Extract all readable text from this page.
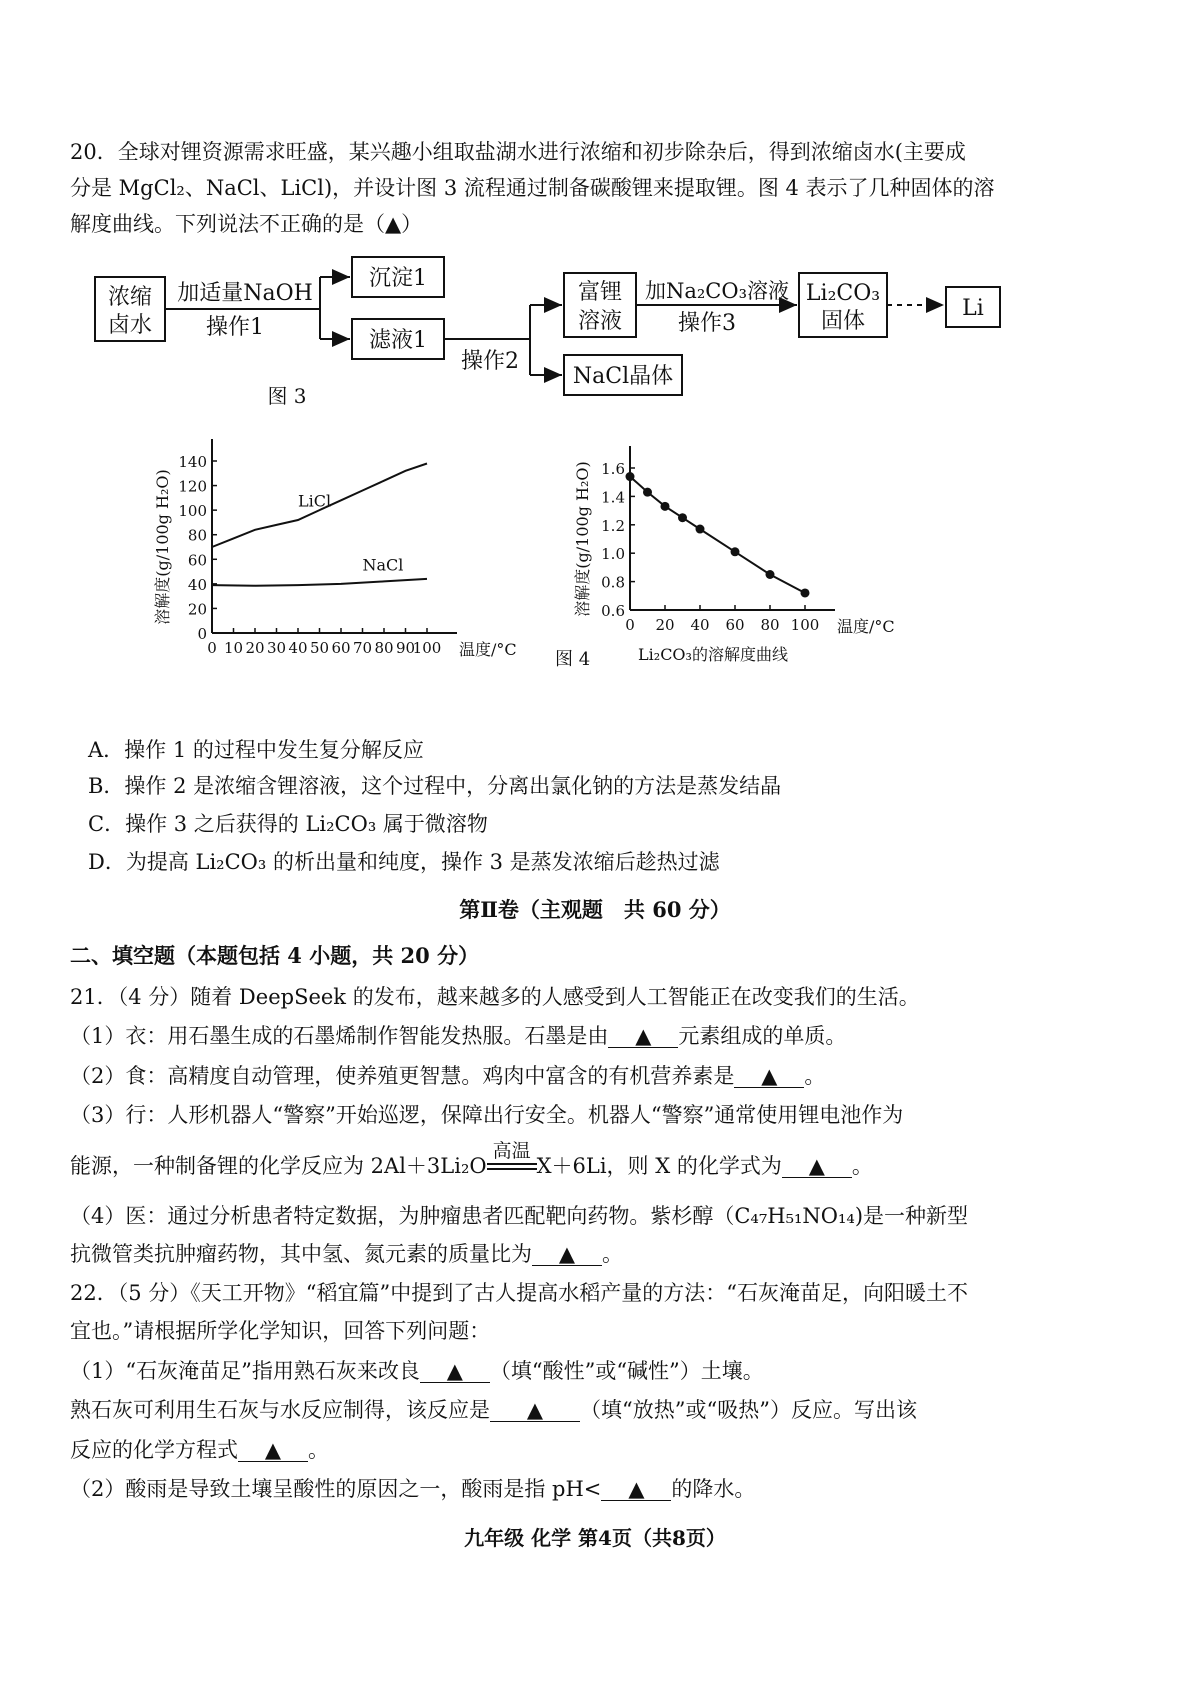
20．全球对锂资源需求旺盛，某兴趣小组取盐湖水进行浓缩和初步除杂后，得到浓缩卤水(主要成
分是 MgCl₂、NaCl、LiCl)，并设计图 3 流程通过制备碳酸锂来提取锂。图 4 表示了几种固体的溶
解度曲线。下列说法不正确的是（▲）
浓缩
卤水
加适量NaOH
操作1
沉淀1
滤液1
操作2
富锂
溶液
NaCl晶体
加Na₂CO₃溶液
操作3
Li₂CO₃
固体
Li
图 3
0 10 20 30 40 50 60 70 80 90
100
0
20
40
60
80
100
120
140
温度/°C
溶解度(g/100g H₂O)	LiCl
NaCl
0 20 40 60 80 100
0.6
0.8
1.0
1.2
1.4
1.6
温度/°C
溶解度(g/100g H₂O)
图 4	Li₂CO₃的溶解度曲线
A．操作 1 的过程中发生复分解反应
B．操作 2 是浓缩含锂溶液，这个过程中，分离出氯化钠的方法是蒸发结晶
C．操作 3 之后获得的 Li₂CO₃ 属于微溶物
D．为提高 Li₂CO₃ 的析出量和纯度，操作 3 是蒸发浓缩后趁热过滤
第Ⅱ卷（主观题　共 60 分）
二、填空题（本题包括 4 小题，共 20 分）
21．（4 分）随着 DeepSeek 的发布，越来越多的人感受到人工智能正在改变我们的生活。
（1）衣：用石墨生成的石墨烯制作智能发热服。石墨是由 ▲ 元素组成的单质。
（2）食：高精度自动管理，使养殖更智慧。鸡肉中富含的有机营养素是 ▲ 。
（3）行：人形机器人“警察”开始巡逻，保障出行安全。机器人“警察”通常使用锂电池作为
能源，一种制备锂的化学反应为 2Al＋3Li₂O
高温
X＋6Li，则 X 的化学式为 ▲ 。
（4）医：通过分析患者特定数据，为肿瘤患者匹配靶向药物。紫杉醇（C₄₇H₅₁NO₁₄)是一种新型
抗微管类抗肿瘤药物，其中氢、氮元素的质量比为 ▲ 。
22．（5 分）《天工开物》“稻宜篇”中提到了古人提高水稻产量的方法：“石灰淹苗足，向阳暖土不
宜也。”请根据所学化学知识，回答下列问题：
（1）“石灰淹苗足”指用熟石灰来改良 ▲ （填“酸性”或“碱性”）土壤。
熟石灰可利用生石灰与水反应制得，该反应是 ▲ （填“放热”或“吸热”）反应。写出该
反应的化学方程式 ▲ 。
（2）酸雨是导致土壤呈酸性的原因之一，酸雨是指 pH< ▲ 的降水。
九年级 化学 第4页（共8页）
